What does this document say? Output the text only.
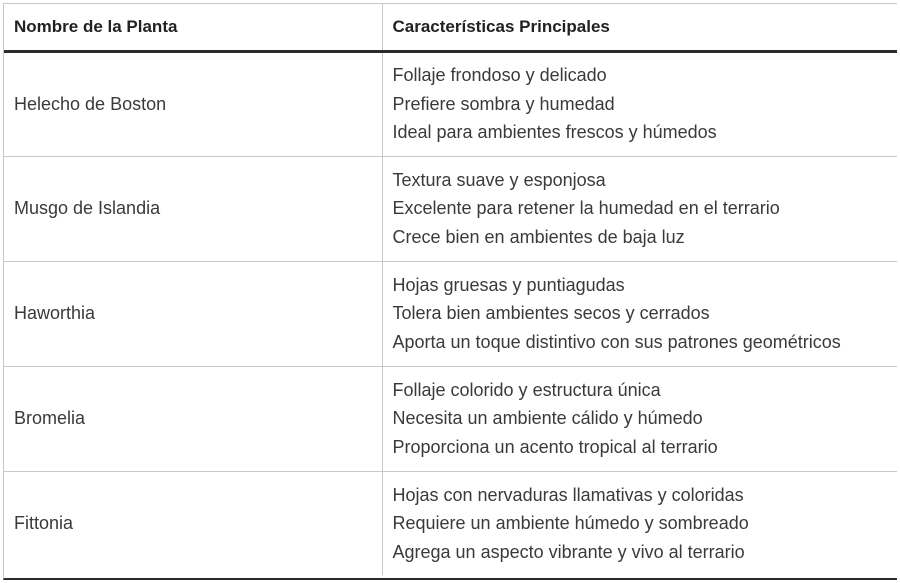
Nombre de la Planta	Características Principales
Helecho de Boston	Follaje frondoso y delicado
Prefiere sombra y humedad
Ideal para ambientes frescos y húmedos

Musgo de Islandia	Textura suave y esponjosa
Excelente para retener la humedad en el terrario
Crece bien en ambientes de baja luz

Haworthia	Hojas gruesas y puntiagudas
Tolera bien ambientes secos y cerrados
Aporta un toque distintivo con sus patrones geométricos

Bromelia	Follaje colorido y estructura única
Necesita un ambiente cálido y húmedo
Proporciona un acento tropical al terrario

Fittonia	Hojas con nervaduras llamativas y coloridas
Requiere un ambiente húmedo y sombreado
Agrega un aspecto vibrante y vivo al terrario
